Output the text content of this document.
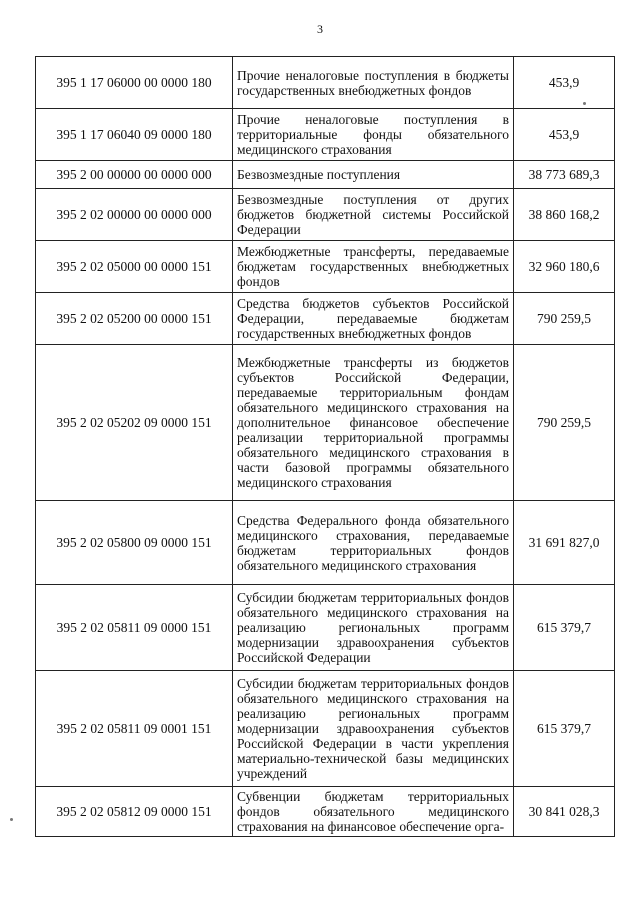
3
395 1 17 06000 00 0000 180	Прочие неналоговые поступления в бюджеты государственных внебюджетных фондов	453,9
395 1 17 06040 09 0000 180	Прочие неналоговые поступления в территориальные фонды обязательного медицинского страхования	453,9
395 2 00 00000 00 0000 000	Безвозмездные поступления	38 773 689,3
395 2 02 00000 00 0000 000	Безвозмездные поступления от других бюджетов бюджетной системы Российской Федерации	38 860 168,2
395 2 02 05000 00 0000 151	Межбюджетные трансферты, передаваемые бюджетам государственных внебюджетных фондов	32 960 180,6
395 2 02 05200 00 0000 151	Средства бюджетов субъектов Российской Федерации, передаваемые бюджетам государственных внебюджетных фондов	790 259,5
395 2 02 05202 09 0000 151	Межбюджетные трансферты из бюджетов субъектов Российской Федерации, передаваемые территориальным фондам обязательного медицинского страхования на дополнительное финансовое обеспечение реализации территориальной программы обязательного медицинского страхования в части базовой программы обязательного медицинского страхования	790 259,5
395 2 02 05800 09 0000 151	Средства Федерального фонда обязательного медицинского страхования, передаваемые бюджетам территориальных фондов обязательного медицинского страхования	31 691 827,0
395 2 02 05811 09 0000 151	Субсидии бюджетам территориальных фондов обязательного медицинского страхования на реализацию региональных программ модернизации здравоохранения субъектов Российской Федерации	615 379,7
395 2 02 05811 09 0001 151	Субсидии бюджетам территориальных фондов обязательного медицинского страхования на реализацию региональных программ модернизации здравоохранения субъектов Российской Федерации в части укрепления материально-технической базы медицинских учреждений	615 379,7
395 2 02 05812 09 0000 151	Субвенции бюджетам территориальных фондов обязательного медицинского страхования на финансовое обеспечение орга-	30 841 028,3
